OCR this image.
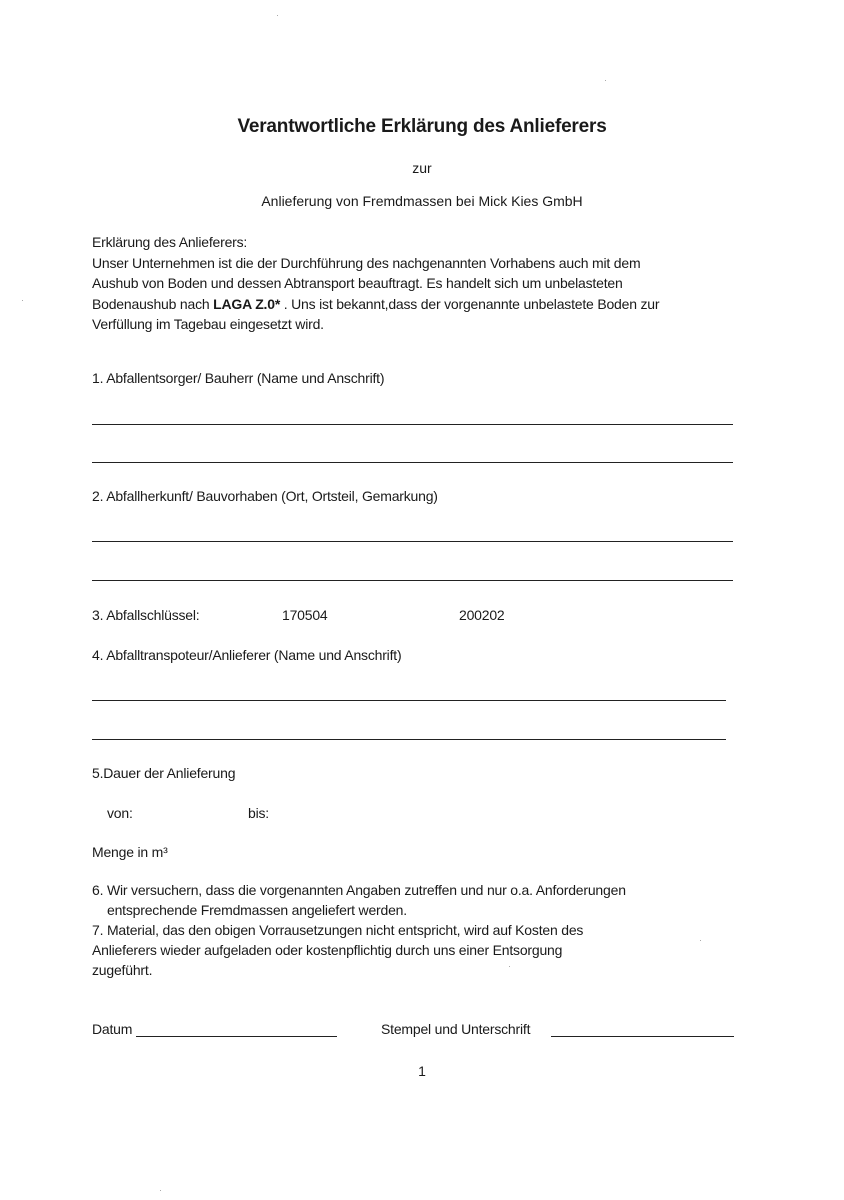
Verantwortliche Erklärung des Anlieferers
zur
Anlieferung von Fremdmassen bei Mick Kies GmbH
Erklärung des Anlieferers:
Unser Unternehmen ist die der Durchführung des nachgenannten Vorhabens auch mit dem
Aushub von Boden und dessen Abtransport beauftragt. Es handelt sich um unbelasteten
Bodenaushub nach LAGA Z.0* . Uns ist bekannt,dass der vorgenannte unbelastete Boden zur
Verfüllung im Tagebau eingesetzt wird.
1. Abfallentsorger/ Bauherr (Name und Anschrift)
2. Abfallherkunft/ Bauvorhaben (Ort, Ortsteil, Gemarkung)
3. Abfallschlüssel:	170504	200202
4. Abfalltranspoteur/Anlieferer (Name und Anschrift)
5.Dauer der Anlieferung
von:	bis:
Menge in m³
6. Wir versuchern, dass die vorgenannten Angaben zutreffen und nur o.a. Anforderungen
entsprechende Fremdmassen angeliefert werden.
7. Material, das den obigen Vorrausetzungen nicht entspricht, wird auf Kosten des
Anlieferers wieder aufgeladen oder kostenpflichtig durch uns einer Entsorgung
zugeführt.
Datum	Stempel und Unterschrift
1
